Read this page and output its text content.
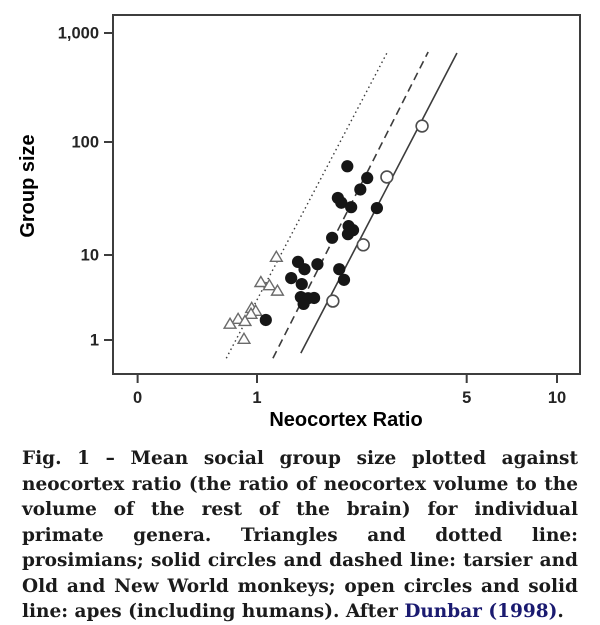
1
10
100
1,000
0	1	5	10
Group size
Neocortex Ratio
Fig. 1 – Mean social group size plotted against neocortex ratio (the ratio of neocortex volume to the volume of the rest of the brain) for individual primate genera. Triangles and dotted line: prosimians; solid circles and dashed line: tarsier and Old and New World monkeys; open circles and solid line: apes (including humans). After Dunbar (1998).
